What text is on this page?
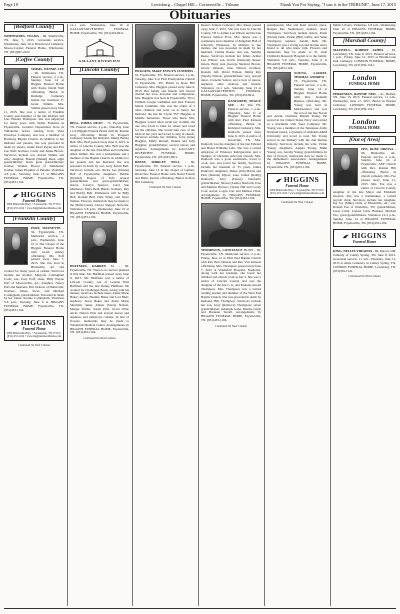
Page 10	Lewisburg – Chapel Hill – Cornersville – Tribune	Thank You For Saying, "I saw it in the TRIBUNE", June 17, 2015
Obituaries
[Bedford County]

WHITESIDES, VELMA - 86, Shelbyville, TN. June 7, 2015. Graveside service, Wednesday, June 10 at Hazelwood Cemetery. Moore-Cortner Funeral Home, Winchester, TN. (931)967-2222.

[Coffee County]

SIMMS, WINNIE LEE - 90, Tullahoma, TN. Funeral service, 2 p.m., Sunday, June 14 at Higgins Funeral Home with Pastor David Wall officiating. Burial in Rutledge Cemetery beside her husband, E. Grant Simms. Mrs. Simms passed away June 11, 2015. She was a native of Franklin County and daughter of the late Richard and Lisa Walden Thompson. She was employed for many years with Sedler Fashions in Fayetteville, Golden's Department Store in Tullahoma before retiring from Vista Envelope Company, and was a member of Harmony Baptist Church. In addition to her husband and parents, she was preceded in death by sisters, Annie Pearl Payne and Eva Lee Wall; brothers, Grady and James Brown. Survivors include son, Robert Simms and wife; daughter, Brenda (Daniel) Dees; eight grandchildren; many great grandchildren; brother, Walden Brown of Tullahoma; brother, James Hopkins of Pulaski. Visitation 4-8 p.m., Saturday, June 13 at HIGGINS FUNERAL HOME, Fayetteville, TN. (931)433-1104.

HIGGINS
Funeral Home
3006 Huntsville Hwy. • Fayetteville, TN 37334 • (931) 433-1104 • www.higginsfuneralhome.com
[Franklin County]

POFF, WAYNETTE - 56, Fayetteville, TN. Memorial service, 2 p.m., Wednesday, June 10 at The Chapel of the Higgins Funeral Home with Grant Ashley officiating. Ms. Poff passed away June 7, 2015. She was born in Huntsville, AL and worked for many years as cashier. Survivors include her mother, Marjorie Cottingham Cook; son, Tony Poff; sister, Billy Wayne Poff of Mooresville, AL; daughter, Nancy Poff and husband, Tim Jackson of Huntsville; brothers, James, Steve, and Michael Cottingham; grandchildren. Preceded in death by her father, Ronnie Cottingham. Visitation 5-8 p.m., Tuesday, June 9 at HIGGINS FUNERAL HOME, Fayetteville, TN. (931)433-1104.

HIGGINS
Funeral Home
3006 Huntsville Hwy. • Fayetteville, TN 37334 • (931) 433-1104 • www.higginsfuneralhome.com
Continued On Next Column

12-1 p.m., Wednesday, June 10 at GALLANT-RIVERVIEW FUNERAL HOME, Fayetteville, TN. (931)433-9911.

GALLANT RIVERVIEW
[Lincoln County]

BELL, EMMA DEAN - 73, Fayetteville, TN. Funeral service, 4 p.m., Thursday, June 11 at Higgins Funeral Home with Dr. Ronnie Gray officiating. Burial in Prospect Cemetery beside her husband, Jimmy Baxter Bell. Mrs. Bell passed away June 9, 2015. A native of Lincoln County, Mrs. Bell was the daughter of the late John Rhea and Catherine Allen Walker. She was a homemaker and a member of the Baptist Church. In addition to her parents and her husband, she was preceded in death by son, Gary Kevin Bell. Survivors include son, Ricky Lee (Donna) Bell of Fayetteville; daughters, Debbie (Donald) Rogers of Taft; several grandchildren and great-grandchildren; sisters, Carolyn Spencer, Carol Sue Matthews, Mary Beth Harris; brothers, Ray and Bobby Bell. Pallbearers will be Billy Bell, Ronald Bell, Dale Wiley, and Steve Walker. Flowers, memorials may be made to the Multi-County Cancer Support Network. Visitation 5-8 p.m., Wednesday, June 10 at HIGGINS FUNERAL HOME, Fayetteville, TN. (931)433-1104.

HUFFMAN, DARREN M. - 39, Fayetteville, TN. There is no service planned at this time. Mr. Huffman passed away June 8, 2015. Mr. Huffman was a native of Lincoln County, son of Leanna Pitts Huffman and the late Danny Huffman. He worked for Challenger Boats. Along with his mother, survivors include sister, Annie Marie Baker; nieces, Heather Baker and Lori Blair; nephews, Jason Baker and Justin Marie Sheridan; aunts, Aileen (Steve) Nelson, Margie Waller, Sarah Pitts, Grace Pitts; uncle, Nelson Pitts and several nieces and nephews and numerous cousins. In lieu of flowers, memorials may be made to Vanderbilt Medical Center. Arrangements by HIGGINS FUNERAL HOME, Fayetteville, TN. (931)433-1104.

Continued On Next Column

HUGGINS, MARY EVELYN CUMMINS - 91, Fayetteville, TN. Funeral service, 1 p.m., Tuesday, June 9 at First Presbyterian Church in Fayetteville, TN. Burial in Rose Hill Cemetery. Mrs. Huggins passed away June 6, 2015. Her family and friends will forever cherish her love, devotion and compassion. Mrs. Huggins was born in Fayetteville, TN to William Joseph Cummins and Ona Frances Marsh Cummins. She was the oldest of 5 other children and went on to marry her husband, the late Dr. Clyde "Ed" Huggins at Middle Tennessee. Those who knew Mrs. Huggins would often recall her warmth, the one who loved to bake for others and cared for the children. She would take care of the birds in her yard and loved to sing in church. Survivors include her children, Jerry (Jane) Huggins, Emily Durrell, Dennis and Judy Huggins; grandchildren; several nieces and nephews. Arrangements by GALLANT-RIVERVIEW FUNERAL HOME, Fayetteville, TN. (931)433-9911.

REESE, SHIRLEY NELL - 60, Fayetteville, TN. Funeral service, 1 p.m., Saturday, June 13 in the chapel of Gallant-Riverview Funeral Home with David French and Bisho Keaton officiating. Burial in Rose Hill Cemetery.

Continued On Next Column

Reese's Temple Cemetery. Mrs. Reese passed away June 7, 2015. She was born in Lincoln County, TN to Arthur Lee Wilson and the late Frances Wilson Frost. Mrs. Reese was a seamstress and a member of Kingdom Hall of Jehovah's Witnesses. In addition to her mother, she was preceded in death by her husband, Charlie Reese; and son, Sammy Reese. Survivors include her father, Arthur Lee Wilson; son, Kevin (Deborah) Reese; sisters, Betty Ann (George Shelton) Brown, Gloria Johnson, June Wilson; brothers, Ronald, Jeff, David Wilson, Jimmy Ray (Sarah) Wilson; grandchildren; very special niece, Cornelia Sutton; and a host of nieces, nephews, other relatives and friends. Visitation, 12-1 p.m., Saturday, June 13 at GALLANT-RIVERVIEW FUNERAL HOME, Fayetteville, TN. (931)433-9911.

DANFORTH, PEGGY SUE - 82, Taft, TN. Funeral service, 1 p.m., Thursday, June 11 at Higgins Funeral Home with Rev. Paul Johnson officiating. Burial in Kirkland Cemetery. Mrs. Danforth passed away June 9, 2015. A native of Knoxville, TN, Mrs. Danforth was the daughter of the late Edward and Hazel Williams Lehr. She was a retired employee of Emerson Refrigeration and a member of Christian Advocate Church. Mrs. Danforth was a good seamstress, loved to cook, sew, and loved her family. Survivors include her husband of 55 years, James Danforth; daughters, Diane (Jim) Harris and Pam (Dennis) Myers; sons, James (Kathy) Danforth, Jerry (Teresa) Danforth; grandchildren, Shawn (Leslie) Danforth, Ivan and Melissa Brewer; Christa Hill and Coady Cole; Aaron, Logan Carr and Melissa Cline. Arrangements by HIGGINS FUNERAL HOME, Fayetteville, TN. (931)433-1104.

THOMPSON, CONSTANCE BUSH - 69, Fayetteville, TN. Memorial service, 2 p.m., Friday, June 12 at West End Baptist Church with Rev. Bob Johnson and Rev. Van Johnson officiating. Mrs. Thompson passed away June 7, 2015 at Vanderbilt Hospital, Nashville. Along with her husband, she loved her children and church work as her 5. She was a native of Lincoln County and was the daughter of the late C. G. and Paulette Arnold Thompson. Mrs. Thompson was a retired reading teacher and member of the West End Baptist Church. She was preceded in death by husband, Bill Thompson. Survivors include her son, Jerry (Rebecca) Thompson; seven grandchildren, Ashleigh, Gabe, Dustin, Gayle and Brennan Terrell. Arrangements by HIGGINS FUNERAL HOME, Fayetteville, TN. (931)433-1104.

Continued On Next Column

grandparents, Mac and Pearl Arnold; niece, Reagan Rae Stephenson; nephew, Reed Thompson. Survivors include sisters, Paula (David) Delk, Vickie (Bill) Gibbs, and Susie Thompson; nephew, Austin Delk. Mr. Thompson was a loving son and brother and a friend to all who knew him. Flowers and memorials may be made to St. Jude Children's Research Hospital or to the family. Visitation 5-8 p.m., Tuesday, June 9 at HIGGINS FUNERAL HOME, Fayetteville, TN. (931)433-1104.

YOUNG, LAUREL THOMAS ANDREW - 73, Fayetteville, TN. Funeral service, 2 p.m., Sunday, June 14 at Higgins Funeral Home with Rev. Kenneth Bledsoe officiating. Mr. Young was born in Murfreesboro and was the son of the late Norris and Arlene Christine Burrell Young. He served in the United States Navy and retired as a machinist with Steel Company. Mr. Young was a member of the Tennessee Army National Guard, a graduate of Alabama A&M University and loved to read. Mr. Young served in the military with the 2nd Marine Infantry. Survivors include his wife, Vickie Young; daughters, Angela Young, Nikki Young; son, Jeremy Young; grandchildren. In lieu of flowers, memorials may be made to the Alzheimer's Association. Arrangements by HIGGINS FUNERAL HOME, Fayetteville, TN. (931)433-1104.

HIGGINS
Funeral Home
3006 Huntsville Hwy. • Fayetteville, TN 37334 • (931) 433-1104 • www.higginsfuneralhome.com
Continued On Next Column

Public Library. Visitation, 5-8 p.m., Wednesday, June 10 at HIGGINS FUNERAL HOME, Fayetteville, TN. (931)433-1104.

[Marshall County]

MAXWELL, ROBERT JAMES - 65, Lewisburg, TN. June 9, 2015. Funeral services, 1 p.m., Friday, June 12, 2015 at Hardin-Lone Oak Cemetery. LONDON FUNERAL HOME, Lewisburg, TN. (931)359-1541.

London
FUNERAL HOME

PERRYMAN, RONNIE NEIL - 61, Belfast, TN. June 13, 2015. Funeral service, 11 a.m., Wednesday, June 17, 2015. Burial in Hopper Cemetery. LONDON FUNERAL HOME, Lewisburg, TN. (931)359-1541.

London
FUNERAL HOME
[Out of Area]

FEE, RUBY ODESSA - 86, Huntsville, AL. Funeral service, 2 p.m., Sunday, June 14 at Fayetteville AEP Church with Rev. Ronnie Hill officiating. Burial in church cemetery. Mrs. Fee passed away June 11, 2015. Mrs. Fee was a native of Lincoln County, daughter of the late Major and Elizabeth Gleaton. She was a homemaker, a retired payroll clerk. Survivors include her daughter, Ina Joy (Mike) Little of Huntsville, AL; son, Ronald Fee of Nashville, TN; grandchildren, Jason Little, Lauren Little Balaska, Michael Fee; great-grandchildren. Visitation 12-2 p.m., Sunday, June 14 at HIGGINS FUNERAL HOME, Fayetteville, TN. (931)433-1104.

HIGGINS
Funeral Home

KING, NELLIE VIRGINIA - 89, Macon, OH, formerly of Camey Spring, TN. June 8, 2015. Graveside service, 11 a.m., Thursday, June 11, 2015 at Allen Cemetery in Camey Spring, TN. LONDON FUNERAL HOME, Lewisburg, TN. (931)359-1541.

Continued On Next Column
